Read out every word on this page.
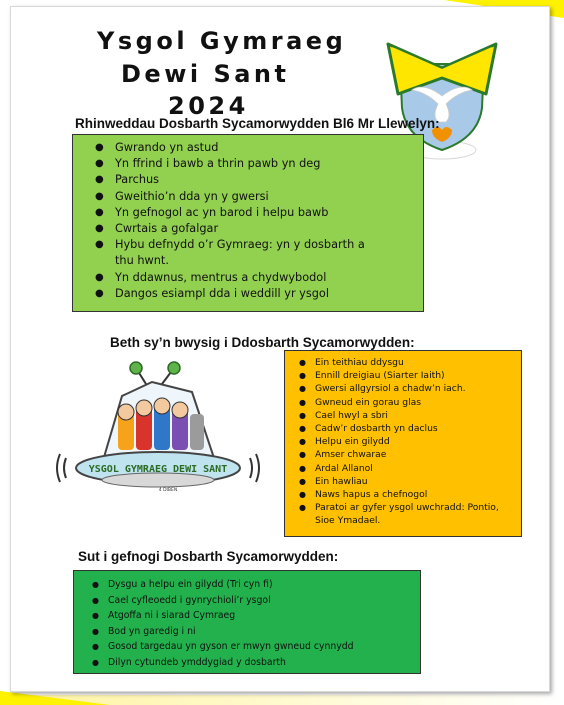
Ysgol Gymraeg
Dewi Sant
2024
Rhinweddau Dosbarth Sycamorwydden Bl6 Mr Llewelyn:
● Gwrando yn astud
● Yn ffrind i bawb a thrin pawb yn deg
● Parchus
● Gweithio’n dda yn y gwersi
● Yn gefnogol ac yn barod i helpu bawb
● Cwrtais a gofalgar
● Hybu defnydd o’r Gymraeg: yn y dosbarth a
thu hwnt.
● Yn ddawnus, mentrus a chydwybodol
● Dangos esiampl dda i weddill yr ysgol
Beth sy’n bwysig i Ddosbarth Sycamorwydden:
YSGOL GYMRAEG DEWI SANT
4 DIBEN
● Ein teithiau ddysgu
● Ennill dreigiau (Siarter Iaith)
● Gwersi allgyrsiol a chadw’n iach.
● Gwneud ein gorau glas
● Cael hwyl a sbri
● Cadw’r dosbarth yn daclus
● Helpu ein gilydd
● Amser chwarae
● Ardal Allanol
● Ein hawliau
● Naws hapus a chefnogol
● Paratoi ar gyfer ysgol uwchradd: Pontio,
Sioe Ymadael.
Sut i gefnogi Dosbarth Sycamorwydden:
● Dysgu a helpu ein gilydd (Tri cyn fi)
● Cael cyfleoedd i gynrychioli’r ysgol
● Atgoffa ni i siarad Cymraeg
● Bod yn garedig i ni
● Gosod targedau yn gyson er mwyn gwneud cynnydd
● Dilyn cytundeb ymddygiad y dosbarth
